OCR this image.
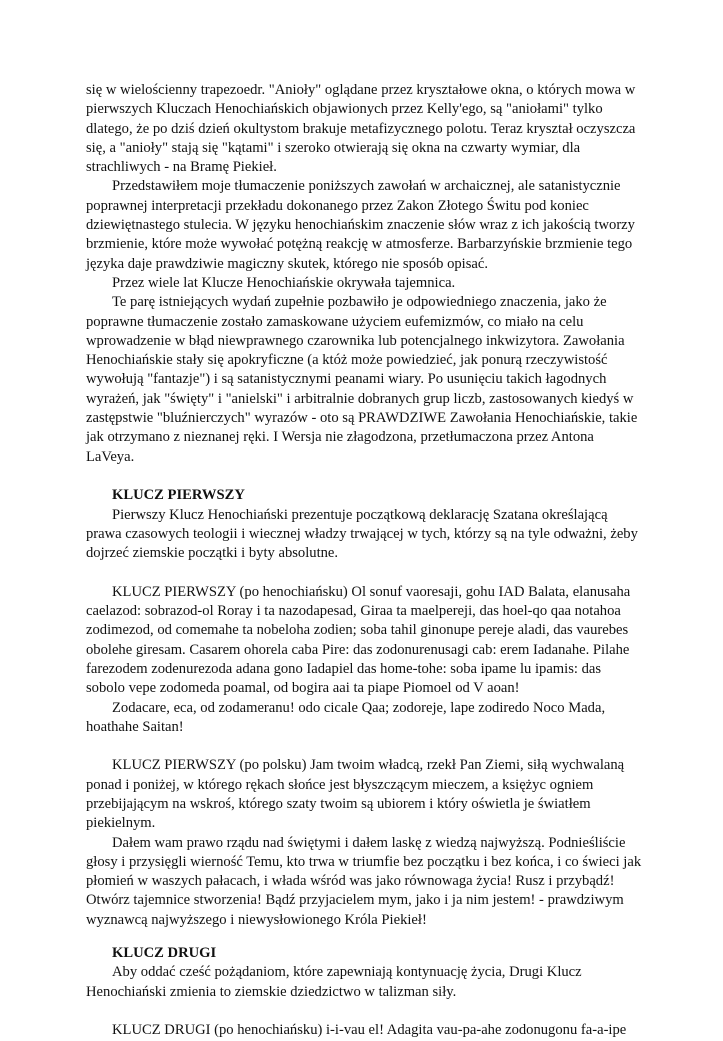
się w wielościenny trapezoedr. "Anioły" oglądane przez kryształowe okna, o których mowa w pierwszych Kluczach Henochiańskich objawionych przez Kelly'ego, są "aniołami" tylko dlatego, że po dziś dzień okultystom brakuje metafizycznego polotu. Teraz kryształ oczyszcza się, a "anioły" stają się "kątami" i szeroko otwierają się okna na czwarty wymiar, dla strachliwych - na Bramę Piekieł.

Przedstawiłem moje tłumaczenie poniższych zawołań w archaicznej, ale satanistycznie poprawnej interpretacji przekładu dokonanego przez Zakon Złotego Świtu pod koniec dziewiętnastego stulecia. W języku henochiańskim znaczenie słów wraz z ich jakością tworzy brzmienie, które może wywołać potężną reakcję w atmosferze. Barbarzyńskie brzmienie tego języka daje prawdziwie magiczny skutek, którego nie sposób opisać.

Przez wiele lat Klucze Henochiańskie okrywała tajemnica.

Te parę istniejących wydań zupełnie pozbawiło je odpowiedniego znaczenia, jako że poprawne tłumaczenie zostało zamaskowane użyciem eufemizmów, co miało na celu wprowadzenie w błąd niewprawnego czarownika lub potencjalnego inkwizytora. Zawołania Henochiańskie stały się apokryficzne (a któż może powiedzieć, jak ponurą rzeczywistość wywołują "fantazje") i są satanistycznymi peanami wiary. Po usunięciu takich łagodnych wyrażeń, jak "święty" i "anielski" i arbitralnie dobranych grup liczb, zastosowanych kiedyś w zastępstwie "bluźnierczych" wyrazów - oto są PRAWDZIWE Zawołania Henochiańskie, takie jak otrzymano z nieznanej ręki. I Wersja nie złagodzona, przetłumaczona przez Antona LaVeya.

KLUCZ PIERWSZY

Pierwszy Klucz Henochiański prezentuje początkową deklarację Szatana określającą prawa czasowych teologii i wiecznej władzy trwającej w tych, którzy są na tyle odważni, żeby dojrzeć ziemskie początki i byty absolutne.

KLUCZ PIERWSZY (po henochiańsku) Ol sonuf vaoresaji, gohu IAD Balata, elanusaha caelazod: sobrazod-ol Roray i ta nazodapesad, Giraa ta maelpereji, das hoel-qo qaa notahoa zodimezod, od comemahe ta nobeloha zodien; soba tahil ginonupe pereje aladi, das vaurebes obolehe giresam. Casarem ohorela caba Pire: das zodonurenusagi cab: erem Iadanahe. Pilahe farezodem zodenurezoda adana gono Iadapiel das home-tohe: soba ipame lu ipamis: das sobolo vepe zodomeda poamal, od bogira aai ta piape Piomoel od V aoan!

Zodacare, eca, od zodameranu! odo cicale Qaa; zodoreje, lape zodiredo Noco Mada, hoathahe Saitan!

KLUCZ PIERWSZY (po polsku) Jam twoim władcą, rzekł Pan Ziemi, siłą wychwalaną ponad i poniżej, w którego rękach słońce jest błyszczącym mieczem, a księżyc ogniem przebijającym na wskroś, którego szaty twoim są ubiorem i który oświetla je światłem piekielnym.

Dałem wam prawo rządu nad świętymi i dałem laskę z wiedzą najwyższą. Podnieśliście głosy i przysięgli wierność Temu, kto trwa w triumfie bez początku i bez końca, i co świeci jak płomień w waszych pałacach, i włada wśród was jako równowaga życia! Rusz i przybądź! Otwórz tajemnice stworzenia! Bądź przyjacielem mym, jako i ja nim jestem! - prawdziwym wyznawcą najwyższego i niewysłowionego Króla Piekieł!

KLUCZ DRUGI

Aby oddać cześć pożądaniom, które zapewniają kontynuację życia, Drugi Klucz Henochiański zmienia to ziemskie dziedzictwo w talizman siły.

KLUCZ DRUGI (po henochiańsku) i-i-vau el! Adagita vau-pa-ahe zodonugonu fa-a-ipe
